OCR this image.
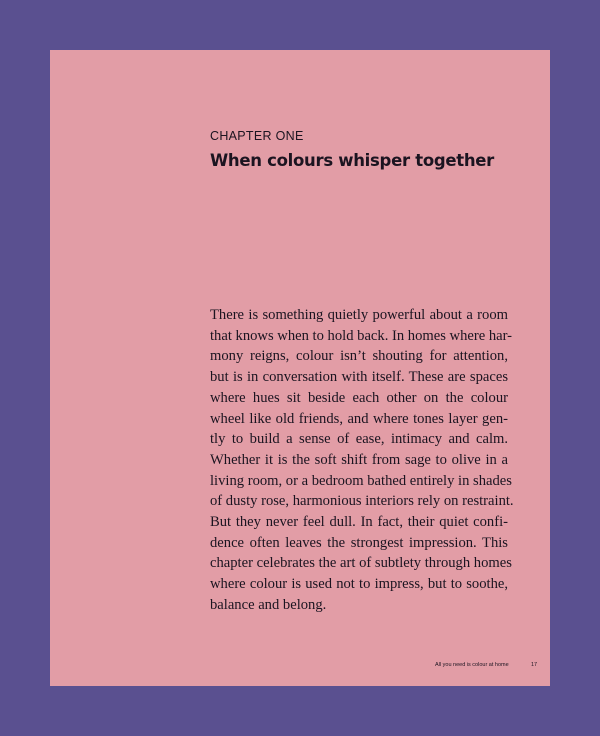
CHAPTER ONE
When colours whisper together

There is something quietly powerful about a room
that knows when to hold back. In homes where har-
mony reigns, colour isn’t shouting for attention,
but is in conversation with itself. These are spaces
where hues sit beside each other on the colour
wheel like old friends, and where tones layer gen-
tly to build a sense of ease, intimacy and calm.
Whether it is the soft shift from sage to olive in a
living room, or a bedroom bathed entirely in shades
of dusty rose, harmonious interiors rely on restraint.
But they never feel dull. In fact, their quiet confi-
dence often leaves the strongest impression. This
chapter celebrates the art of subtlety through homes
where colour is used not to impress, but to soothe,
balance and belong.

All you need is colour at home	17
